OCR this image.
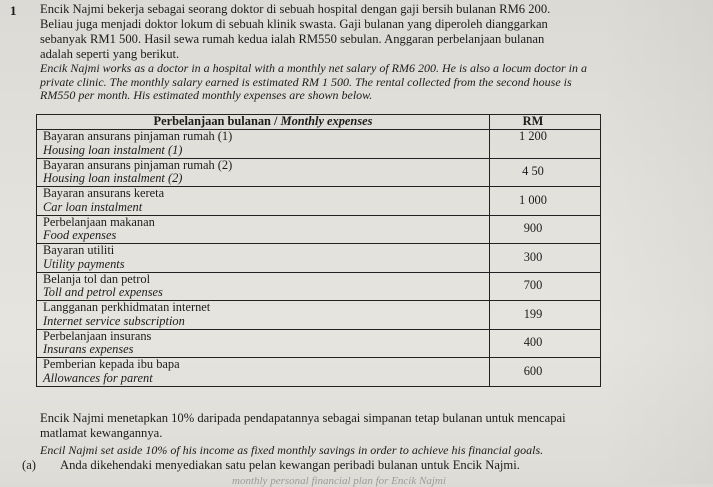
1 Encik Najmi bekerja sebagai seorang doktor di sebuah hospital dengan gaji bersih bulanan RM6 200.
Beliau juga menjadi doktor lokum di sebuah klinik swasta. Gaji bulanan yang diperoleh dianggarkan
sebanyak RM1 500. Hasil sewa rumah kedua ialah RM550 sebulan. Anggaran perbelanjaan bulanan
adalah seperti yang berikut.
Encik Najmi works as a doctor in a hospital with a monthly net salary of RM6 200. He is also a locum doctor in a
private clinic. The monthly salary earned is estimated RM 1 500. The rental collected from the second house is
RM550 per month. His estimated monthly expenses are shown below.
Perbelanjaan bulanan / Monthly expenses	RM

Bayaran ansurans pinjaman rumah (1)
Housing loan instalment (1)	1 200

Bayaran ansurans pinjaman rumah (2)
Housing loan instalment (2)	4 50

Bayaran ansurans kereta
Car loan instalment	1 000

Perbelanjaan makanan
Food expenses	900

Bayaran utiliti
Utility payments	300

Belanja tol dan petrol
Toll and petrol expenses	700

Langganan perkhidmatan internet
Internet service subscription	199

Perbelanjaan insurans
Insurans expenses	400

Pemberian kepada ibu bapa
Allowances for parent	600
Encik Najmi menetapkan 10% daripada pendapatannya sebagai simpanan tetap bulanan untuk mencapai
matlamat kewangannya.
Encil Najmi set aside 10% of his income as fixed monthly savings in order to achieve his financial goals.
(a) Anda dikehendaki menyediakan satu pelan kewangan peribadi bulanan untuk Encik Najmi.
monthly personal financial plan for Encik Najmi
